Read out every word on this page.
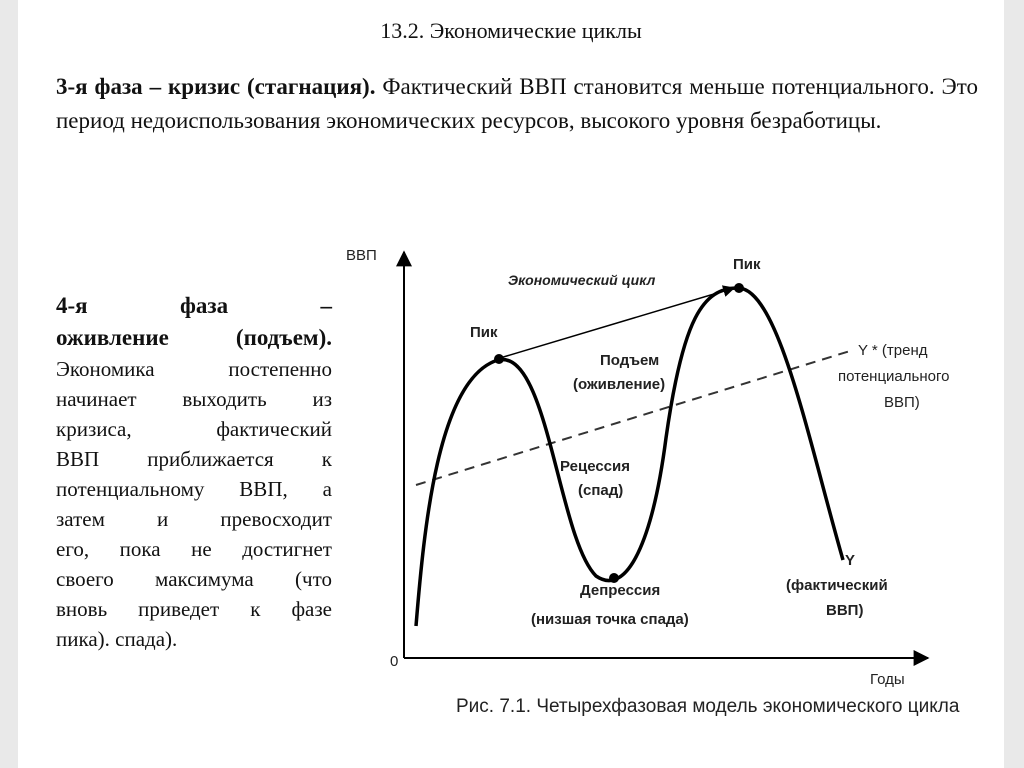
13.2. Экономические циклы
3-я фаза – кризис (стагнация). Фактический ВВП становится меньше потенциального. Это период недоиспользования экономических ресурсов, высокого уровня безработицы.
4-я фаза –
оживление (подъем).
Экономика постепенно
начинает выходить из
кризиса, фактический
ВВП приближается к
потенциальному ВВП, а
затем и превосходит
его, пока не достигнет
своего максимума (что
вновь приведет к фазе
пика). спада).
ВВП
Годы
0
Пик
Пик
Экономический цикл
Подъем
(оживление)
Рецессия
(спад)
Депрессия
(низшая точка спада)
Y * (тренд
потенциального
ВВП)
Y
(фактический
ВВП)
Рис. 7.1. Четырехфазовая модель экономического цикла
